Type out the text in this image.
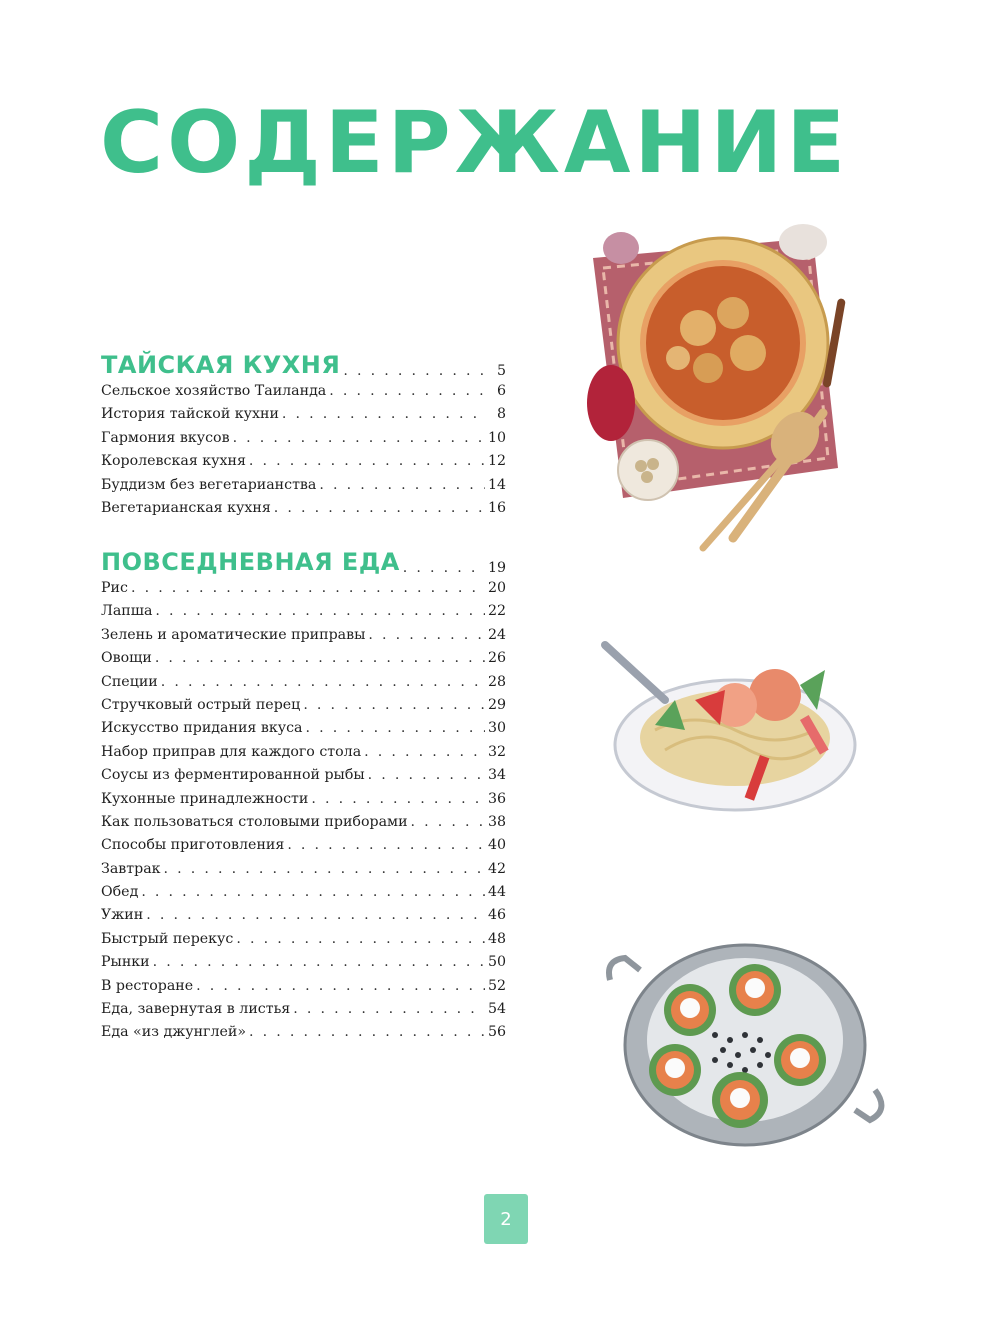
СОДЕРЖАНИЕ
ТАЙСКАЯ КУХНЯ . . .	5
Сельское хозяйство Таиланда . . .	6
История тайской кухни . . .	8
Гармония вкусов . . .	10
Королевская кухня . . .	12
Буддизм без вегетарианства . . .	14
Вегетарианская кухня . . .	16
ПОВСЕДНЕВНАЯ ЕДА . . .	19
Рис . . .	20
Лапша . . .	22
Зелень и ароматические приправы . . .	24
Овощи . . .	26
Специи . . .	28
Стручковый острый перец . . .	29
Искусство придания вкуса . . .	30
Набор приправ для каждого стола . . .	32
Соусы из ферментированной рыбы . . .	34
Кухонные принадлежности . . .	36
Как пользоваться столовыми приборами . . .	38
Способы приготовления . . .	40
Завтрак . . .	42
Обед . . .	44
Ужин . . .	46
Быстрый перекус . . .	48
Рынки . . .	50
В ресторане . . .	52
Еда, завернутая в листья . . .	54
Еда «из джунглей» . . .	56
2
